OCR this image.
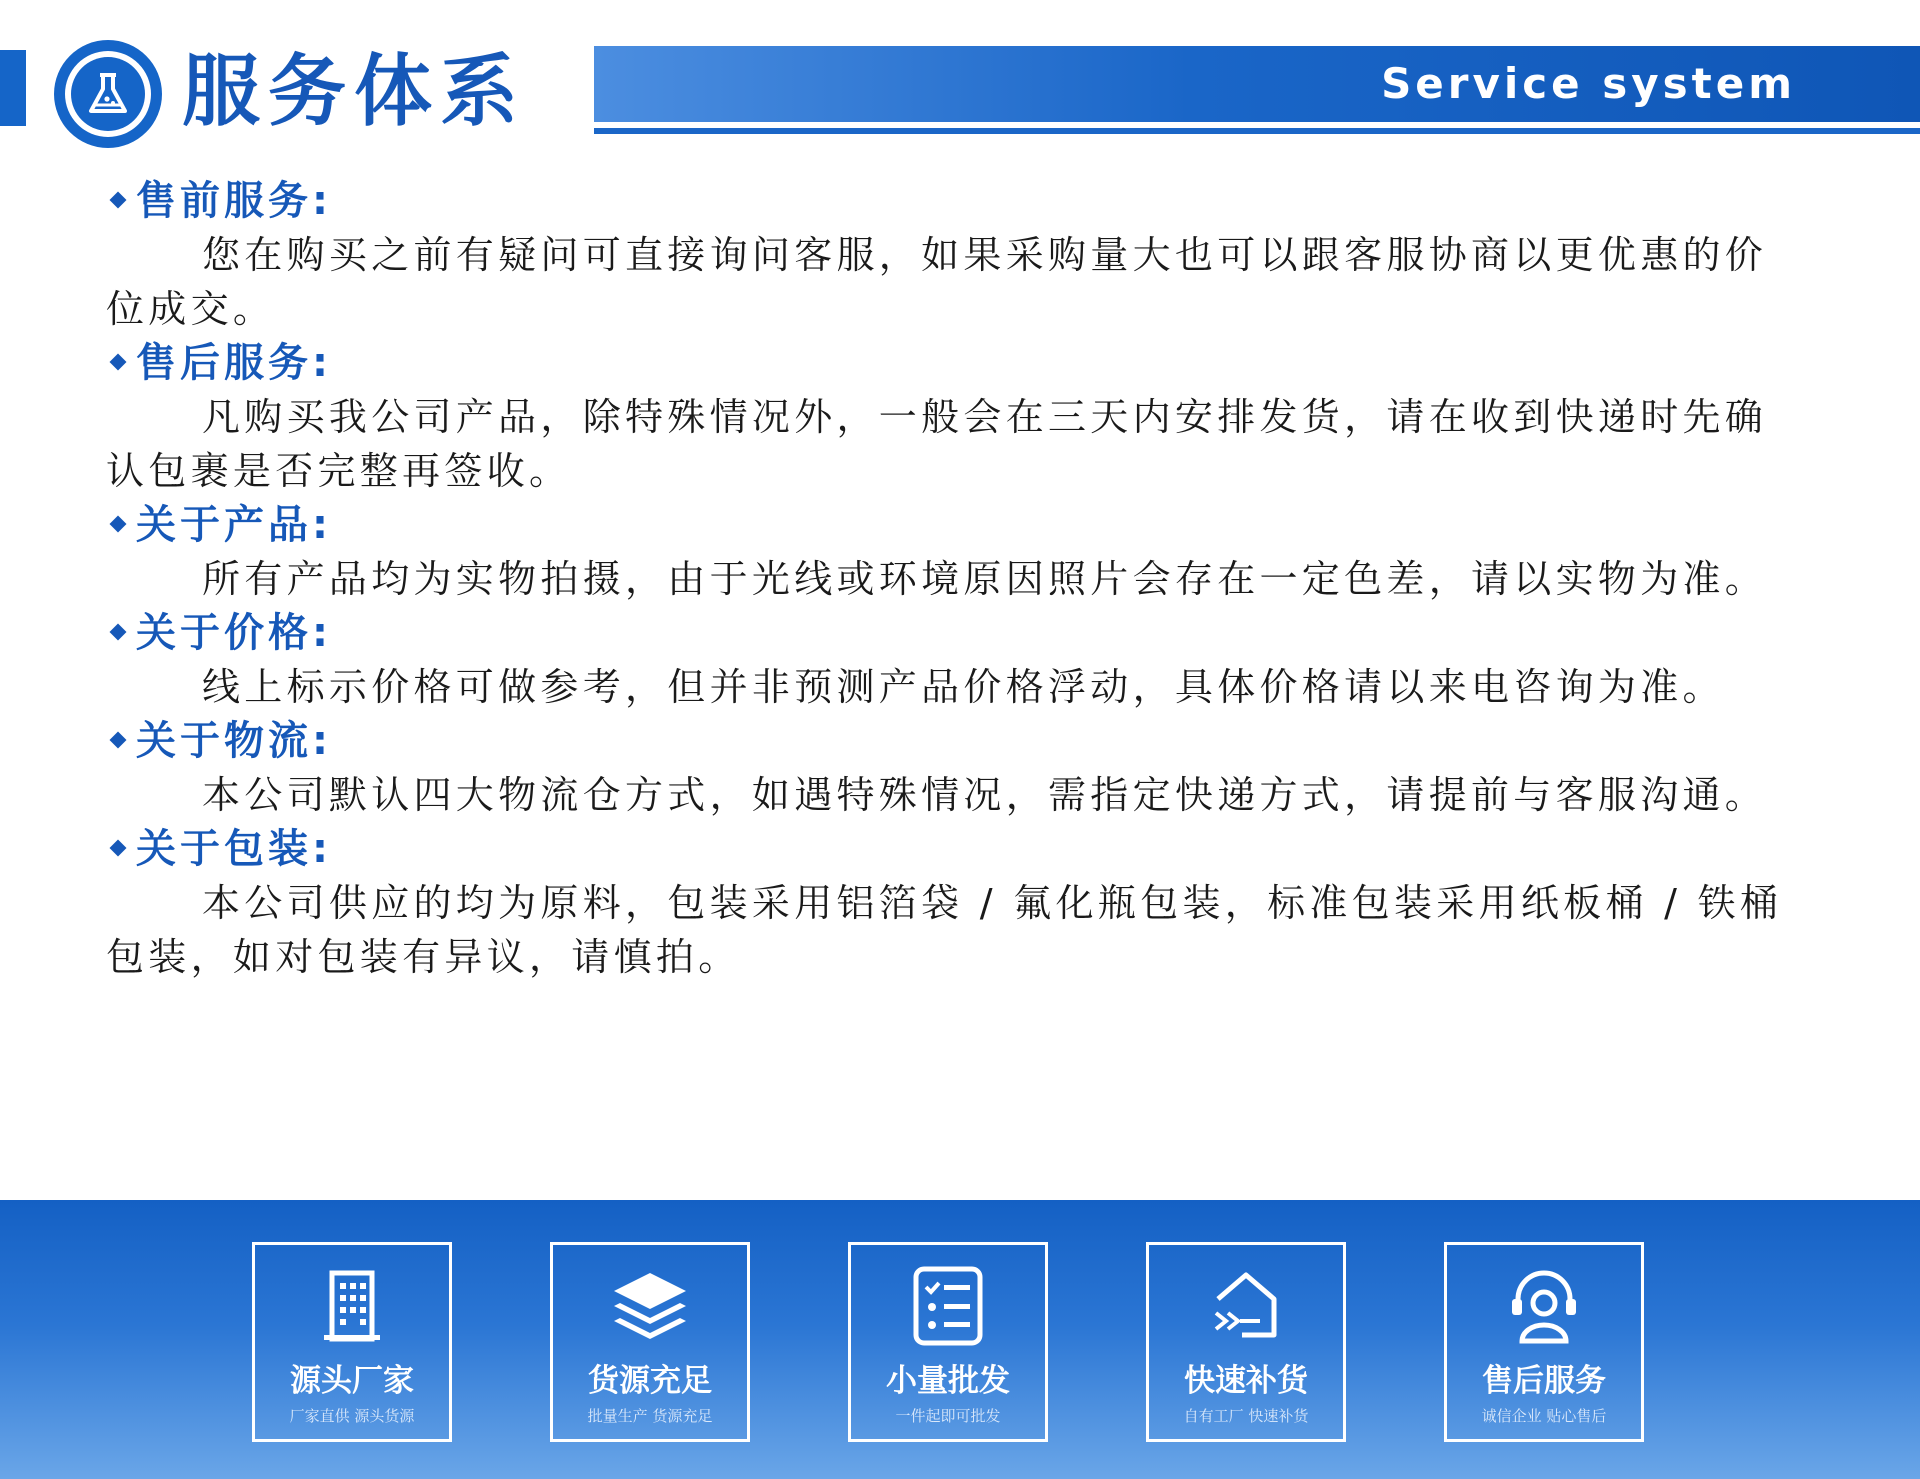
服务体系	Service system
售前服务:

您在购买之前有疑问可直接询问客服，如果采购量大也可以跟客服协商以更优惠的价位成交。

售后服务:

凡购买我公司产品，除特殊情况外，一般会在三天内安排发货，请在收到快递时先确认包裹是否完整再签收。

关于产品:

所有产品均为实物拍摄，由于光线或环境原因照片会存在一定色差，请以实物为准。

关于价格:

线上标示价格可做参考，但并非预测产品价格浮动，具体价格请以来电咨询为准。

关于物流:

本公司默认四大物流仓方式，如遇特殊情况，需指定快递方式，请提前与客服沟通。

关于包装:

本公司供应的均为原料，包装采用铝箔袋 / 氟化瓶包装，标准包装采用纸板桶 / 铁桶包装，如对包装有异议，请慎拍。

源头厂家
厂家直供 源头货源
货源充足
批量生产 货源充足
小量批发
一件起即可批发
快速补货
自有工厂 快速补货
售后服务
诚信企业 贴心售后
